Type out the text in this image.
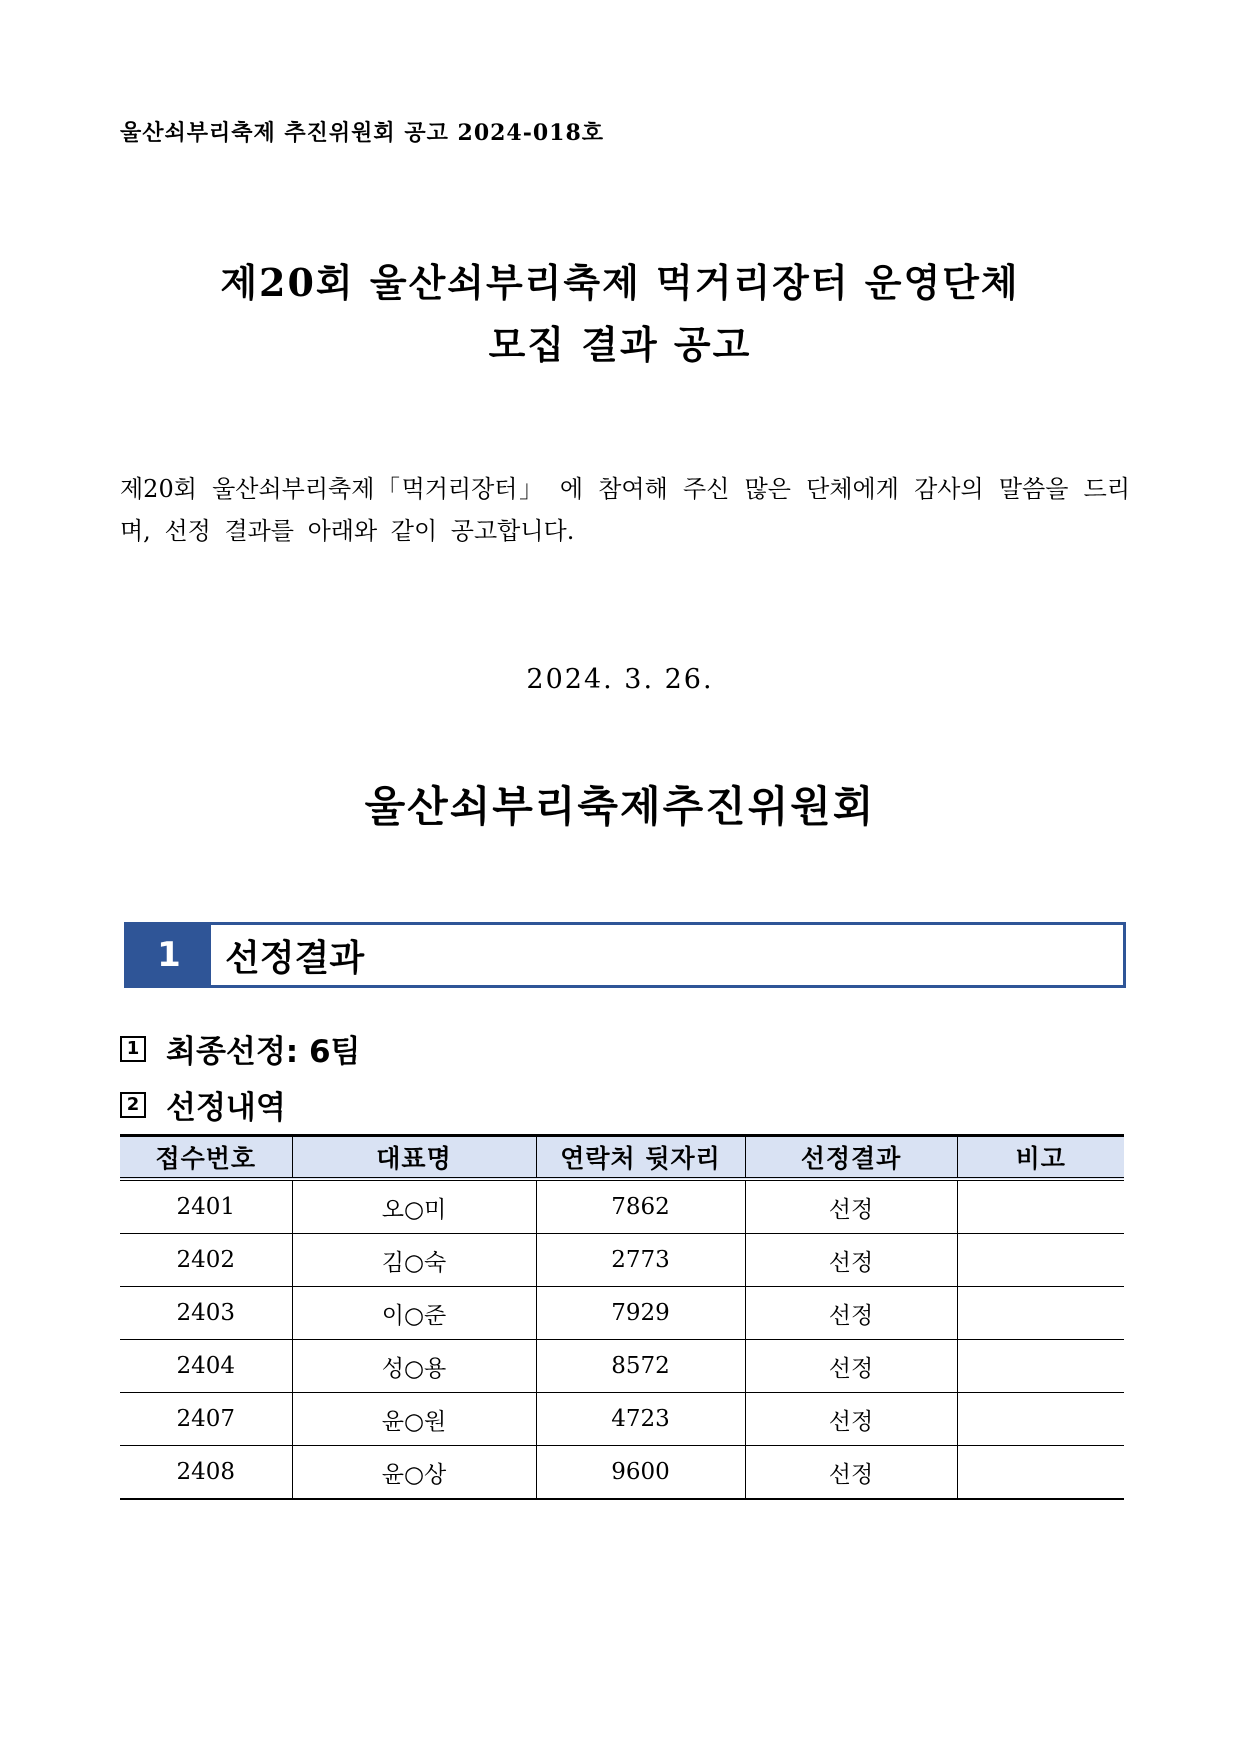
울산쇠부리축제 추진위원회 공고 2024-018호
제20회 울산쇠부리축제 먹거리장터 운영단체
모집 결과 공고
제20회 울산쇠부리축제「먹거리장터」 에 참여해 주신 많은 단체에게 감사의 말씀을 드리며, 선정 결과를 아래와 같이 공고합니다.
2024. 3. 26.
울산쇠부리축제추진위원회
1	선정결과
1 최종선정: 6팀
2 선정내역
접수번호	대표명	연락처 뒷자리	선정결과	비고
2401	오○미	7862	선정	
2402	김○숙	2773	선정	
2403	이○준	7929	선정	
2404	성○용	8572	선정	
2407	윤○원	4723	선정	
2408	윤○상	9600	선정	
